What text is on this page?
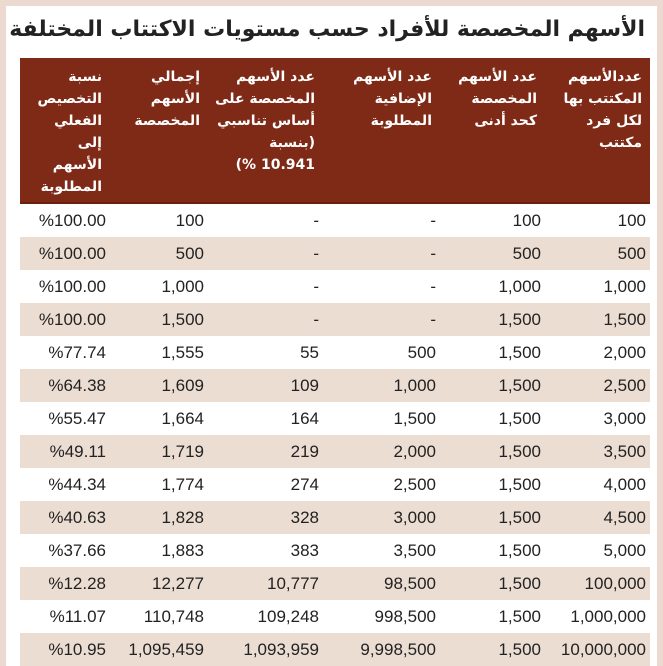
الأسهم المخصصة للأفراد حسب مستويات الاكتتاب المختلفة
عددالأسهم المكتتب بها لكل فرد مكتتب	عدد الأسهم المخصصة كحد أدنى	عدد الأسهم الإضافية المطلوبة	عدد الأسهم المخصصة على أساس تناسبي (بنسبة 10.941 %)	إجمالي الأسهم المخصصة	نسبة التخصيص الفعلي إلى الأسهم المطلوبة
100	100	-	-	100	%100.00
500	500	-	-	500	%100.00
1,000	1,000	-	-	1,000	%100.00
1,500	1,500	-	-	1,500	%100.00
2,000	1,500	500	55	1,555	%77.74
2,500	1,500	1,000	109	1,609	%64.38
3,000	1,500	1,500	164	1,664	%55.47
3,500	1,500	2,000	219	1,719	%49.11
4,000	1,500	2,500	274	1,774	%44.34
4,500	1,500	3,000	328	1,828	%40.63
5,000	1,500	3,500	383	1,883	%37.66
100,000	1,500	98,500	10,777	12,277	%12.28
1,000,000	1,500	998,500	109,248	110,748	%11.07
10,000,000	1,500	9,998,500	1,093,959	1,095,459	%10.95
